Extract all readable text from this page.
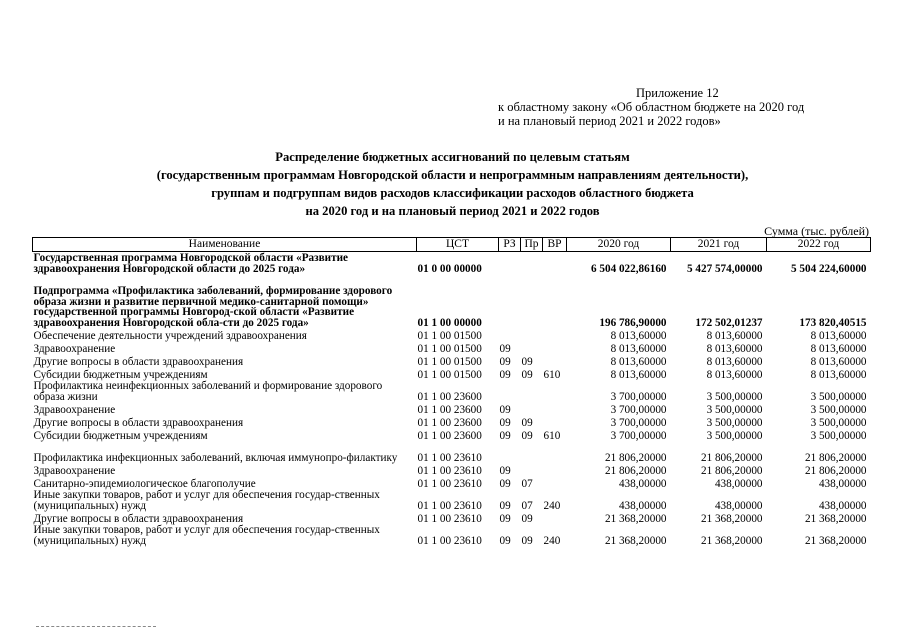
Приложение 12
к областному закону «Об областном бюджете на 2020 год
и на плановый период 2021 и 2022 годов»
Распределение бюджетных ассигнований по целевым статьям
(государственным программам Новгородской области и непрограммным направлениям деятельности),
группам и подгруппам видов расходов классификации расходов областного бюджета
на 2020 год и на плановый период 2021 и 2022 годов
Сумма (тыс. рублей)
Наименование	ЦСТ	РЗ	Пр	ВР	2020 год	2021 год	2022 год
Государственная программа Новгородской области «Развитие здравоохранения Новгородской области до 2025 года»	01 0 00 00000				6 504 022,86160	5 427 574,00000	5 504 224,60000
Подпрограмма «Профилактика заболеваний, формирование здорового образа жизни и развитие первичной медико-санитарной помощи» государственной программы Новгород-ской области «Развитие здравоохранения Новгородской обла-сти до 2025 года»	01 1 00 00000				196 786,90000	172 502,01237	173 820,40515
Обеспечение деятельности учреждений здравоохранения	01 1 00 01500				8 013,60000	8 013,60000	8 013,60000
Здравоохранение	01 1 00 01500	09			8 013,60000	8 013,60000	8 013,60000
Другие вопросы в области здравоохранения	01 1 00 01500	09	09		8 013,60000	8 013,60000	8 013,60000
Субсидии бюджетным учреждениям	01 1 00 01500	09	09	610	8 013,60000	8 013,60000	8 013,60000
Профилактика неинфекционных заболеваний и формирование здорового образа жизни	01 1 00 23600				3 700,00000	3 500,00000	3 500,00000
Здравоохранение	01 1 00 23600	09			3 700,00000	3 500,00000	3 500,00000
Другие вопросы в области здравоохранения	01 1 00 23600	09	09		3 700,00000	3 500,00000	3 500,00000
Субсидии бюджетным учреждениям	01 1 00 23600	09	09	610	3 700,00000	3 500,00000	3 500,00000
Профилактика инфекционных заболеваний, включая иммунопро-филактику	01 1 00 23610				21 806,20000	21 806,20000	21 806,20000
Здравоохранение	01 1 00 23610	09			21 806,20000	21 806,20000	21 806,20000
Санитарно-эпидемиологическое благополучие	01 1 00 23610	09	07		438,00000	438,00000	438,00000
Иные закупки товаров, работ и услуг для обеспечения государ-ственных (муниципальных) нужд	01 1 00 23610	09	07	240	438,00000	438,00000	438,00000
Другие вопросы в области здравоохранения	01 1 00 23610	09	09		21 368,20000	21 368,20000	21 368,20000
Иные закупки товаров, работ и услуг для обеспечения государ-ственных (муниципальных) нужд	01 1 00 23610	09	09	240	21 368,20000	21 368,20000	21 368,20000
